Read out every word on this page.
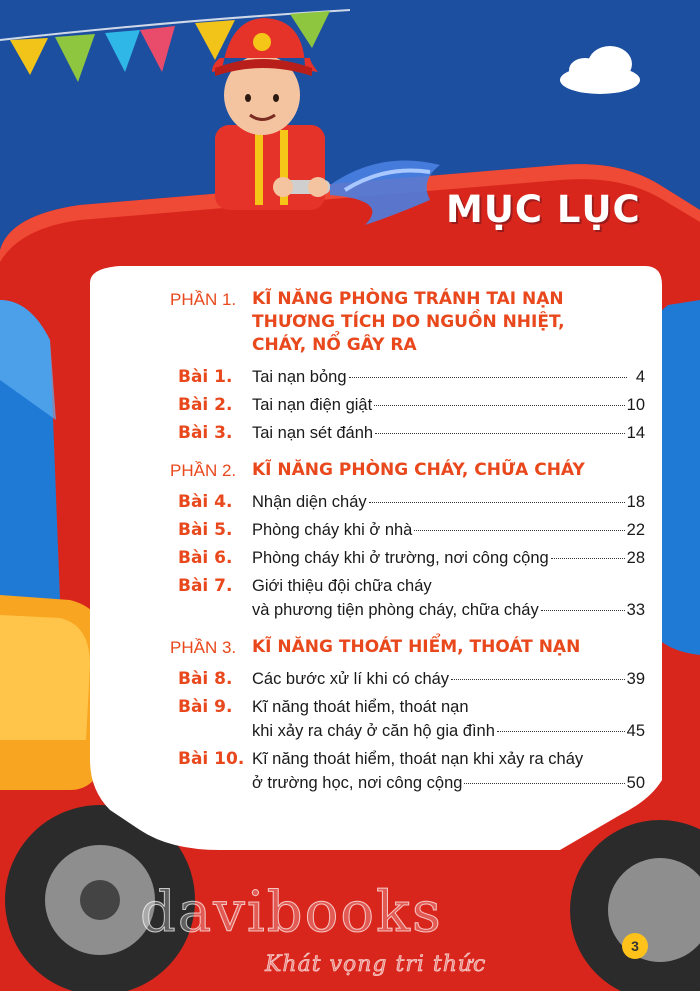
MỤC LỤC
PHẦN 1. KĨ NĂNG PHÒNG TRÁNH TAI NẠN
THƯƠNG TÍCH DO NGUỒN NHIỆT,
CHÁY, NỔ GÂY RA
Bài 1.	Tai nạn bỏng	4
Bài 2.	Tai nạn điện giật	10
Bài 3.	Tai nạn sét đánh	14
PHẦN 2. KĨ NĂNG PHÒNG CHÁY, CHỮA CHÁY
Bài 4.	Nhận diện cháy	18
Bài 5.	Phòng cháy khi ở nhà	22
Bài 6.	Phòng cháy khi ở trường, nơi công cộng	28
Bài 7.	Giới thiệu đội chữa cháy
và phương tiện phòng cháy, chữa cháy	33
PHẦN 3. KĨ NĂNG THOÁT HIỂM, THOÁT NẠN
Bài 8.	Các bước xử lí khi có cháy	39
Bài 9.	Kĩ năng thoát hiểm, thoát nạn
khi xảy ra cháy ở căn hộ gia đình	45
Bài 10. Kĩ năng thoát hiểm, thoát nạn khi xảy ra cháy
ở trường học, nơi công cộng	50
davibooks
Khát vọng tri thức
3
